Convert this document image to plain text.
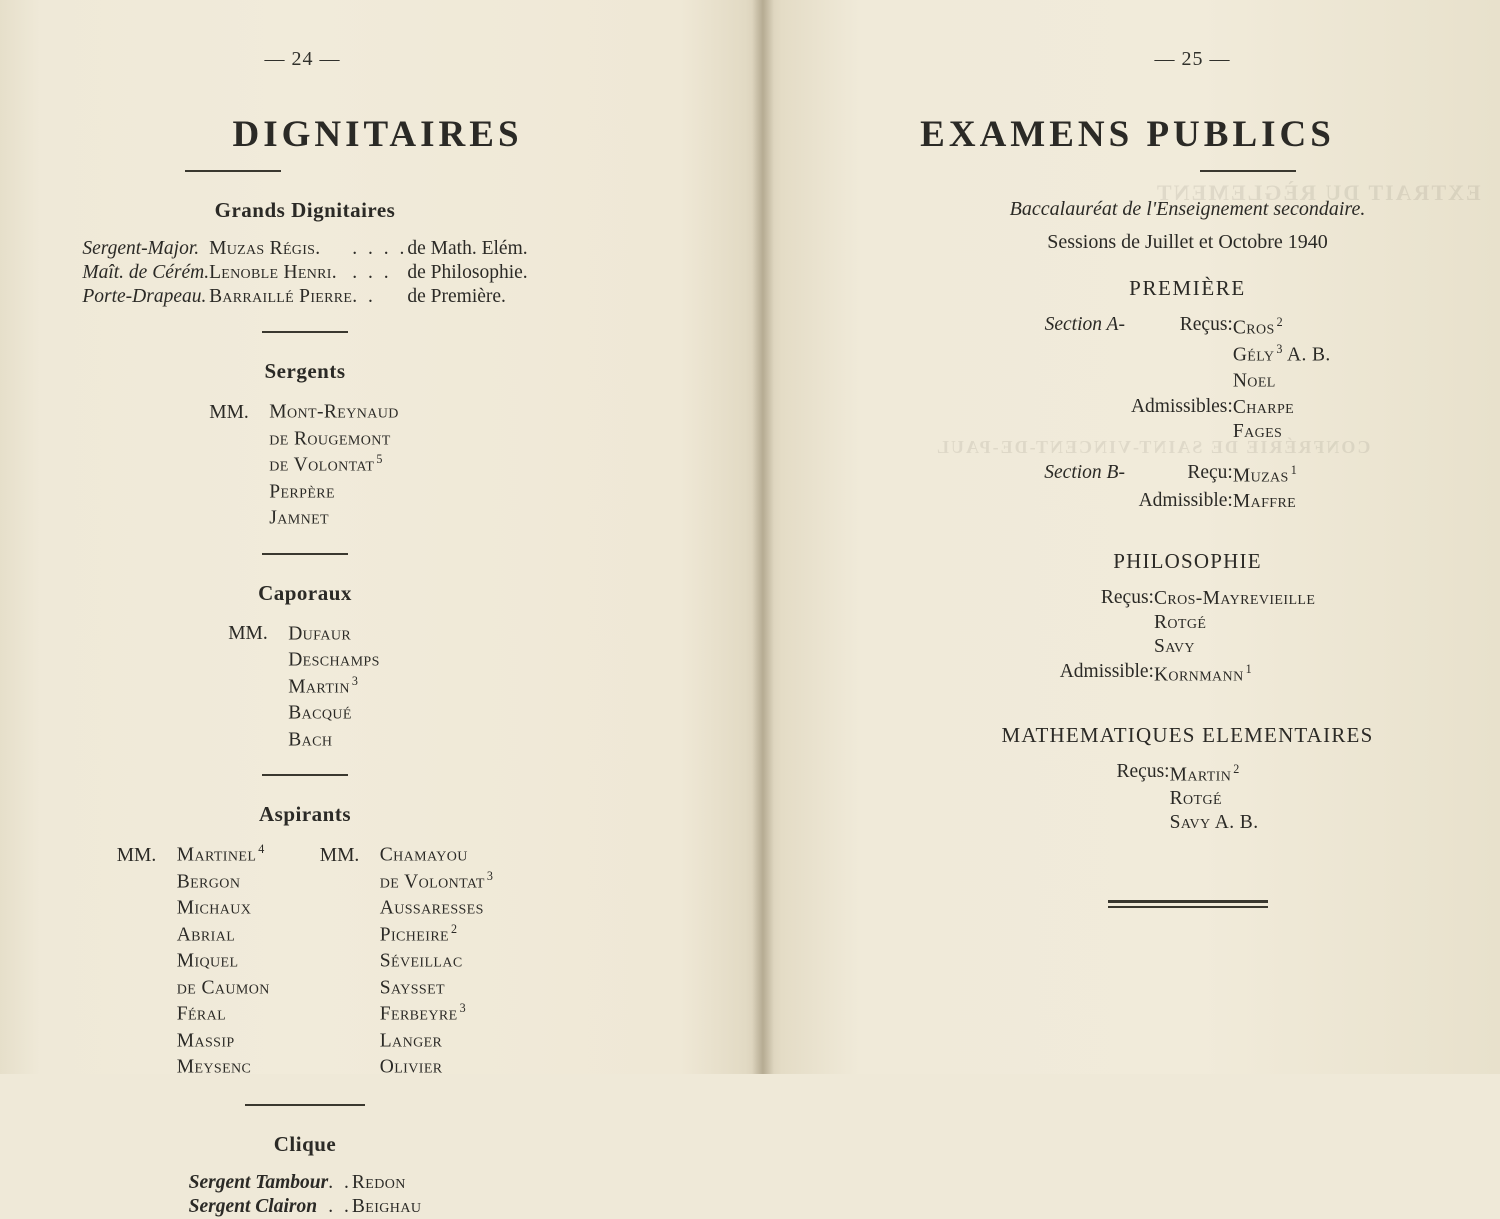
— 24 —
DIGNITAIRES
Grands Dignitaires
Sergent-Major.	Muzas Régis.	. . . .	de Math. Elém.
Maît. de Cérém.	Lenoble Henri.	. . .	de Philosophie.
Porte-Drapeau.	Barraillé Pierre	. .	de Première.
Sergents
MM.	Mont-Reynaud
	de Rougemont
	de Volontat $^5$
	Perpère
	Jamnet
Caporaux
MM.	Dufaur
	Deschamps
	Martin $^3$
	Bacqué
	Bach
Aspirants
MM.	Martinel $^4$
	Bergon
	Michaux
	Abrial
	Miquel
	de Caumon
	Féral
	Massip
	Meysenc
MM.	Chamayou
	de Volontat $^3$
	Aussaresses
	Picheire $^2$
	Séveillac
	Saysset
	Ferbeyre $^3$
	Langer
	Olivier
Clique
Sergent Tambour	. .	Redon
Sergent Clairon	. .	Beighau
— 25 —
EXAMENS PUBLICS
EXTRAIT DU RÈGLEMENT
CONFRÉRIE DE SAINT-VINCENT-DE-PAUL
Baccalauréat de l'Enseignement secondaire.
Sessions de Juillet et Octobre 1940
PREMIÈRE
Section A	-	Reçus	:	Cros $^2$
Gély $^3$ A. B.
Noel

		Admissibles	:	Charpe
Fages

Section B	-	Reçu	:	Muzas $^1$

		Admissible	:	Maffre
PHILOSOPHIE
Reçus	:	Cros-Mayrevieille
Rotgé
Savy

Admissible	:	Kornmann $^1$
MATHEMATIQUES ELEMENTAIRES
Reçus	:	Martin $^2$
Rotgé
Savy A. B.
